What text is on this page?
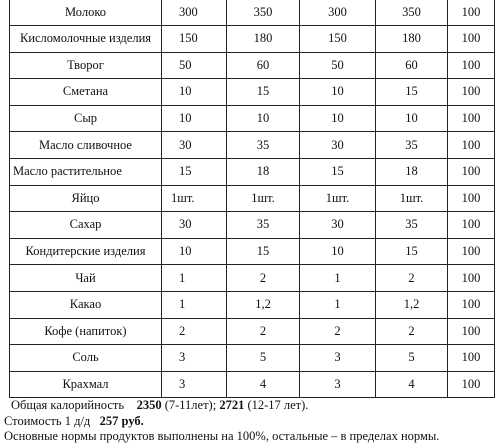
Молоко	300	350	300	350	100
Кисломолочные изделия	150	180	150	180	100
Творог	50	60	50	60	100
Сметана	10	15	10	15	100
Сыр	10	10	10	10	100
Масло сливочное	30	35	30	35	100
Масло растительное	15	18	15	18	100
Яйцо	1шт.	1шт.	1шт.	1шт.	100
Сахар	30	35	30	35	100
Кондитерские изделия	10	15	10	15	100
Чай	1	2	1	2	100
Какао	1	1,2	1	1,2	100
Кофе (напиток)	2	2	2	2	100
Соль	3	5	3	5	100
Крахмал	3	4	3	4	100
Общая калорийность 2350 (7-11лет); 2721 (12-17 лет).
Стоимость 1 д/д 257 руб.
Основные нормы продуктов выполнены на 100%, остальные – в пределах нормы.
